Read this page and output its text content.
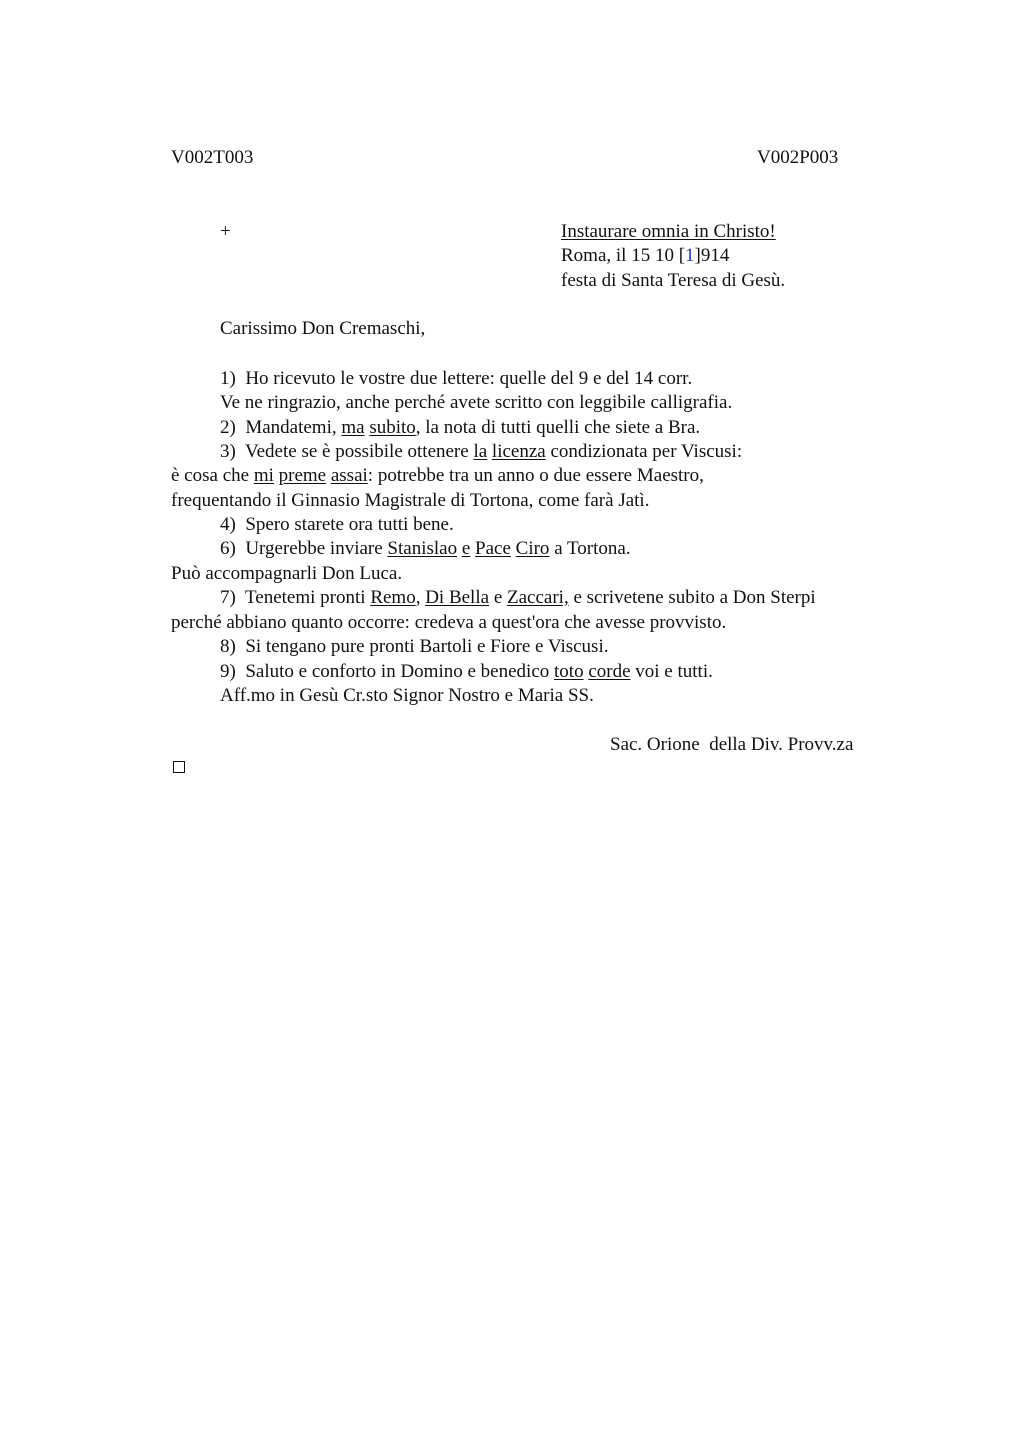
V002T003	V002P003
+	Instaurare omnia in Christo!
Roma, il 15 10 [1]914
festa di Santa Teresa di Gesù.
Carissimo Don Cremaschi,
1) Ho ricevuto le vostre due lettere: quelle del 9 e del 14 corr.
Ve ne ringrazio, anche perché avete scritto con leggibile calligrafia.
2) Mandatemi, ma subito, la nota di tutti quelli che siete a Bra.
3) Vedete se è possibile ottenere la licenza condizionata per Viscusi:
è cosa che mi preme assai: potrebbe tra un anno o due essere Maestro,
frequentando il Ginnasio Magistrale di Tortona, come farà Jatì.
4) Spero starete ora tutti bene.
6) Urgerebbe inviare Stanislao e Pace Ciro a Tortona.
Può accompagnarli Don Luca.
7) Tenetemi pronti Remo, Di Bella e Zaccari, e scrivetene subito a Don Sterpi
perché abbiano quanto occorre: credeva a quest'ora che avesse provvisto.
8) Si tengano pure pronti Bartoli e Fiore e Viscusi.
9) Saluto e conforto in Domino e benedico toto corde voi e tutti.
Aff.mo in Gesù Cr.sto Signor Nostro e Maria SS.
Sac. Orione  della Div. Provv.za
